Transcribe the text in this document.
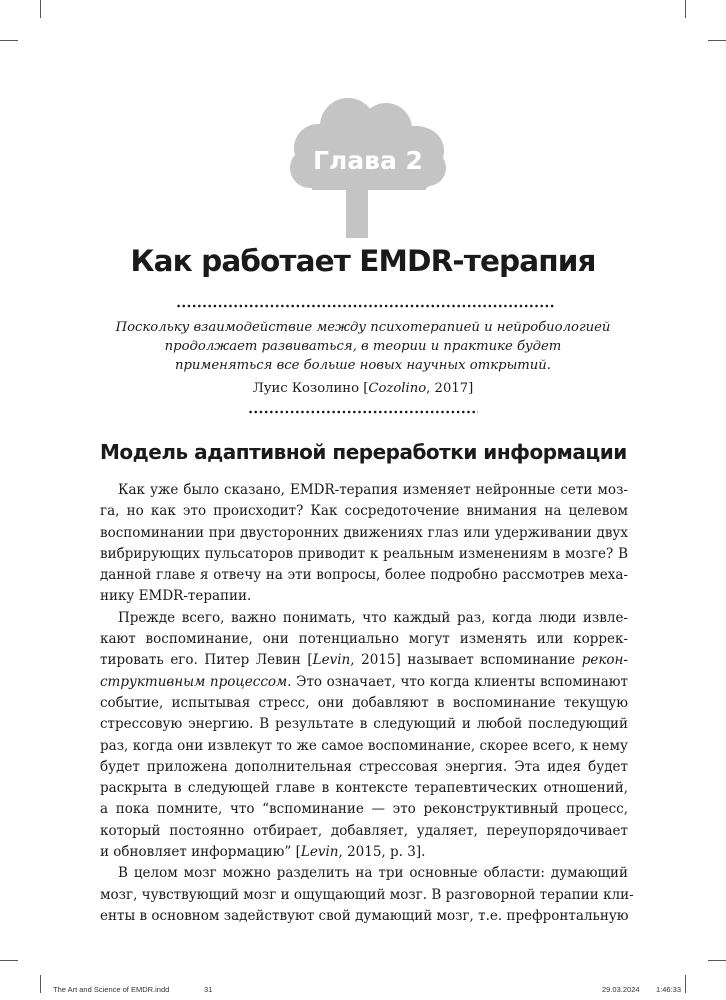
Глава 2
Как работает EMDR-терапия
Поскольку взаимодействие между психотерапией и нейробиологией
продолжает развиваться, в теории и практике будет
применяться все больше новых научных открытий.
Луис Козолино [Cozolino, 2017]
Модель адаптивной переработки информации
Как уже было сказано, EMDR-терапия изменяет нейронные сети моз-
га, но как это происходит? Как сосредоточение внимания на целевом
воспоминании при двусторонних движениях глаз или удерживании двух
вибрирующих пульсаторов приводит к реальным изменениям в мозге? В
данной главе я отвечу на эти вопросы, более подробно рассмотрев меха-
нику EMDR-терапии.
Прежде всего, важно понимать, что каждый раз, когда люди извле-
кают воспоминание, они потенциально могут изменять или коррек-
тировать его. Питер Левин [Levin, 2015] называет вспоминание рекон-
структивным процессом. Это означает, что когда клиенты вспоминают
событие, испытывая стресс, они добавляют в воспоминание текущую
стрессовую энергию. В результате в следующий и любой последующий
раз, когда они извлекут то же самое воспоминание, скорее всего, к нему
будет приложена дополнительная стрессовая энергия. Эта идея будет
раскрыта в следующей главе в контексте терапевтических отношений,
а пока помните, что “вспоминание — это реконструктивный процесс,
который постоянно отбирает, добавляет, удаляет, переупорядочивает
и обновляет информацию” [Levin, 2015, p. 3].
В целом мозг можно разделить на три основные области: думающий
мозг, чувствующий мозг и ощущающий мозг. В разговорной терапии кли-
енты в основном задействуют свой думающий мозг, т.е. префронтальную
The Art and Science of EMDR.indd	31	29.03.2024 1:46:33
